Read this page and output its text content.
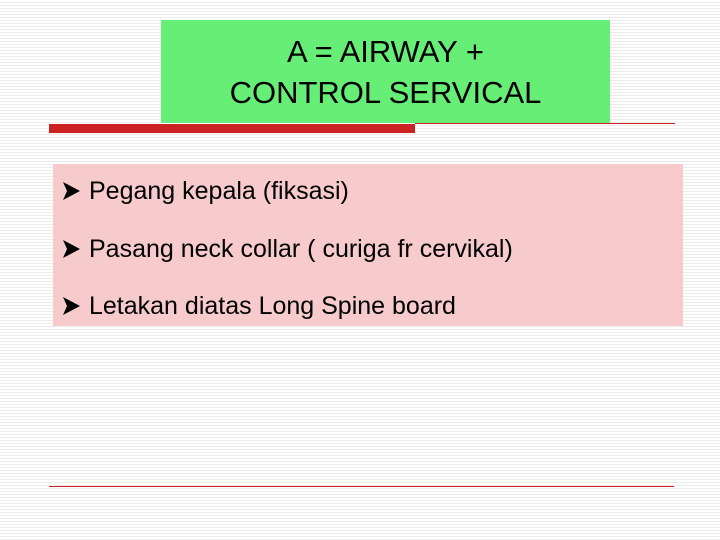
A = AIRWAY +
CONTROL SERVICAL
Pegang kepala (fiksasi)
Pasang neck collar ( curiga fr cervikal)
Letakan diatas Long Spine board
